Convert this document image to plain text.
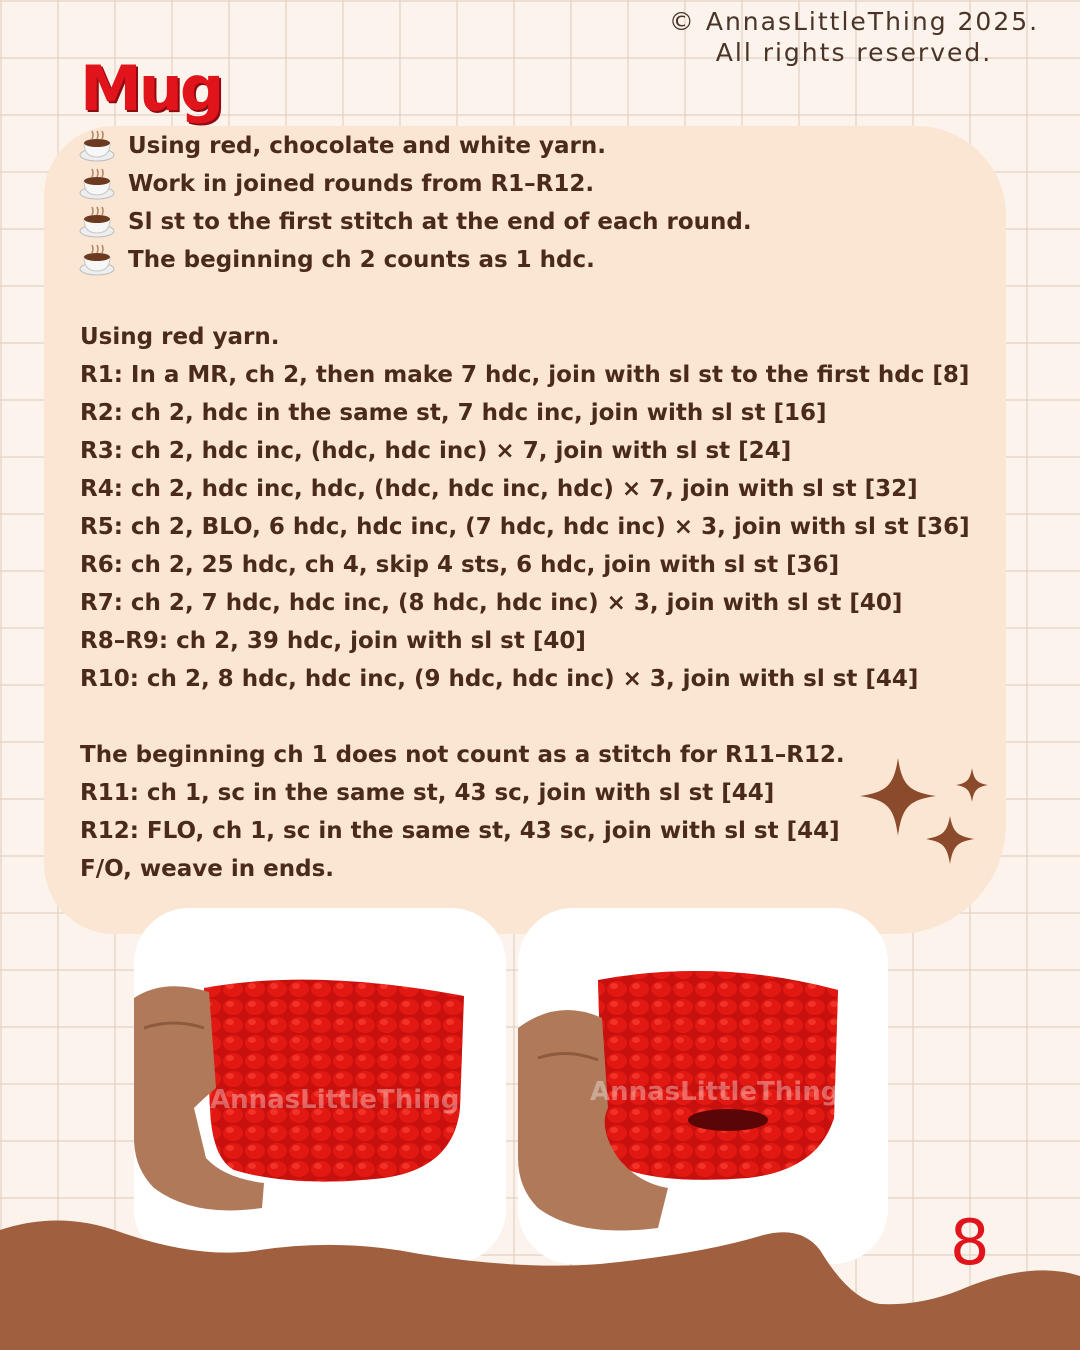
© AnnasLittleThing 2025.
All rights reserved.
Mug
Using red, chocolate and white yarn.
Work in joined rounds from R1–R12.
Sl st to the first stitch at the end of each round.
The beginning ch 2 counts as 1 hdc.
Using red yarn.
R1: In a MR, ch 2, then make 7 hdc, join with sl st to the first hdc [8]
R2: ch 2, hdc in the same st, 7 hdc inc, join with sl st [16]
R3: ch 2, hdc inc, (hdc, hdc inc) × 7, join with sl st [24]
R4: ch 2, hdc inc, hdc, (hdc, hdc inc, hdc) × 7, join with sl st [32]
R5: ch 2, BLO, 6 hdc, hdc inc, (7 hdc, hdc inc) × 3, join with sl st [36]
R6: ch 2, 25 hdc, ch 4, skip 4 sts, 6 hdc, join with sl st [36]
R7: ch 2, 7 hdc, hdc inc, (8 hdc, hdc inc) × 3, join with sl st [40]
R8–R9: ch 2, 39 hdc, join with sl st [40]
R10: ch 2, 8 hdc, hdc inc, (9 hdc, hdc inc) × 3, join with sl st [44]
The beginning ch 1 does not count as a stitch for R11–R12.
R11: ch 1, sc in the same st, 43 sc, join with sl st [44]
R12: FLO, ch 1, sc in the same st, 43 sc, join with sl st [44]
F/O, weave in ends.
AnnasLittleThing	AnnasLittleThing
8
